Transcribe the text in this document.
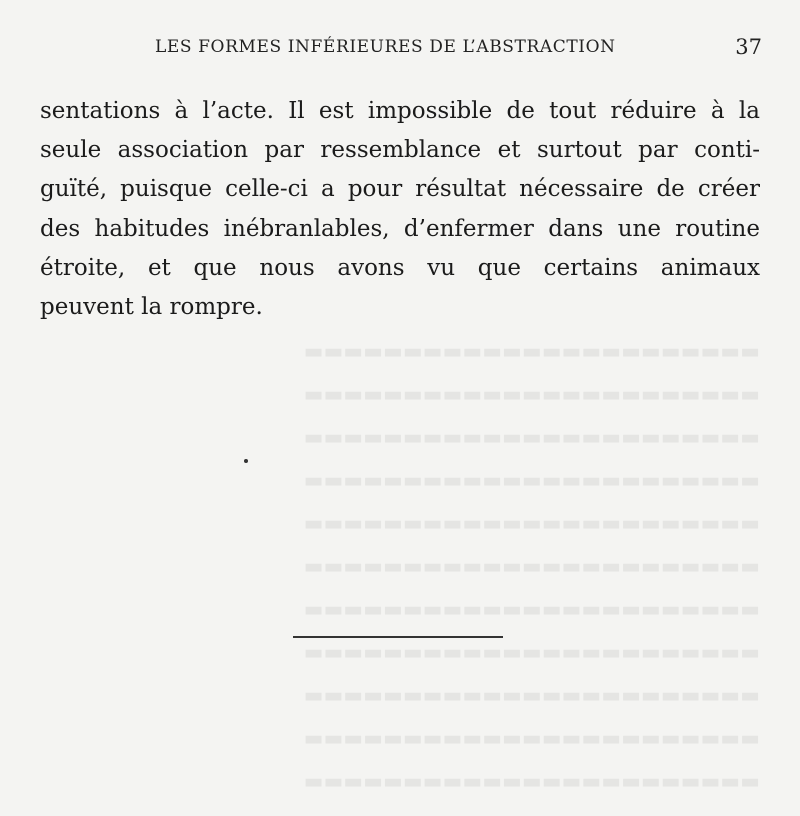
▬▬▬▬▬▬▬▬▬▬▬▬▬▬▬▬▬▬▬▬▬▬▬
▬▬▬▬▬▬▬▬▬▬▬▬▬▬▬▬▬▬▬▬▬▬▬
▬▬▬▬▬▬▬▬▬▬▬▬▬▬▬▬▬▬▬▬▬▬▬
▬▬▬▬▬▬▬▬▬▬▬▬▬▬▬▬▬▬▬▬▬▬▬
▬▬▬▬▬▬▬▬▬▬▬▬▬▬▬▬▬▬▬▬▬▬▬
▬▬▬▬▬▬▬▬▬▬▬▬▬▬▬▬▬▬▬▬▬▬▬
▬▬▬▬▬▬▬▬▬▬▬▬▬▬▬▬▬▬▬▬▬▬▬
▬▬▬▬▬▬▬▬▬▬▬▬▬▬▬▬▬▬▬▬▬▬▬
▬▬▬▬▬▬▬▬▬▬▬▬▬▬▬▬▬▬▬▬▬▬▬
▬▬▬▬▬▬▬▬▬▬▬▬▬▬▬▬▬▬▬▬▬▬▬
▬▬▬▬▬▬▬▬▬▬▬▬▬▬▬▬▬▬▬▬▬▬▬
LES FORMES INFÉRIEURES DE L’ABSTRACTION	37
sentations à l’acte. Il est impossible de tout réduire à la
seule association par ressemblance et surtout par conti-
guïté, puisque celle-ci a pour résultat nécessaire de créer
des habitudes inébranlables, d’enfermer dans une routine
étroite, et que nous avons vu que certains animaux
peuvent la rompre.
